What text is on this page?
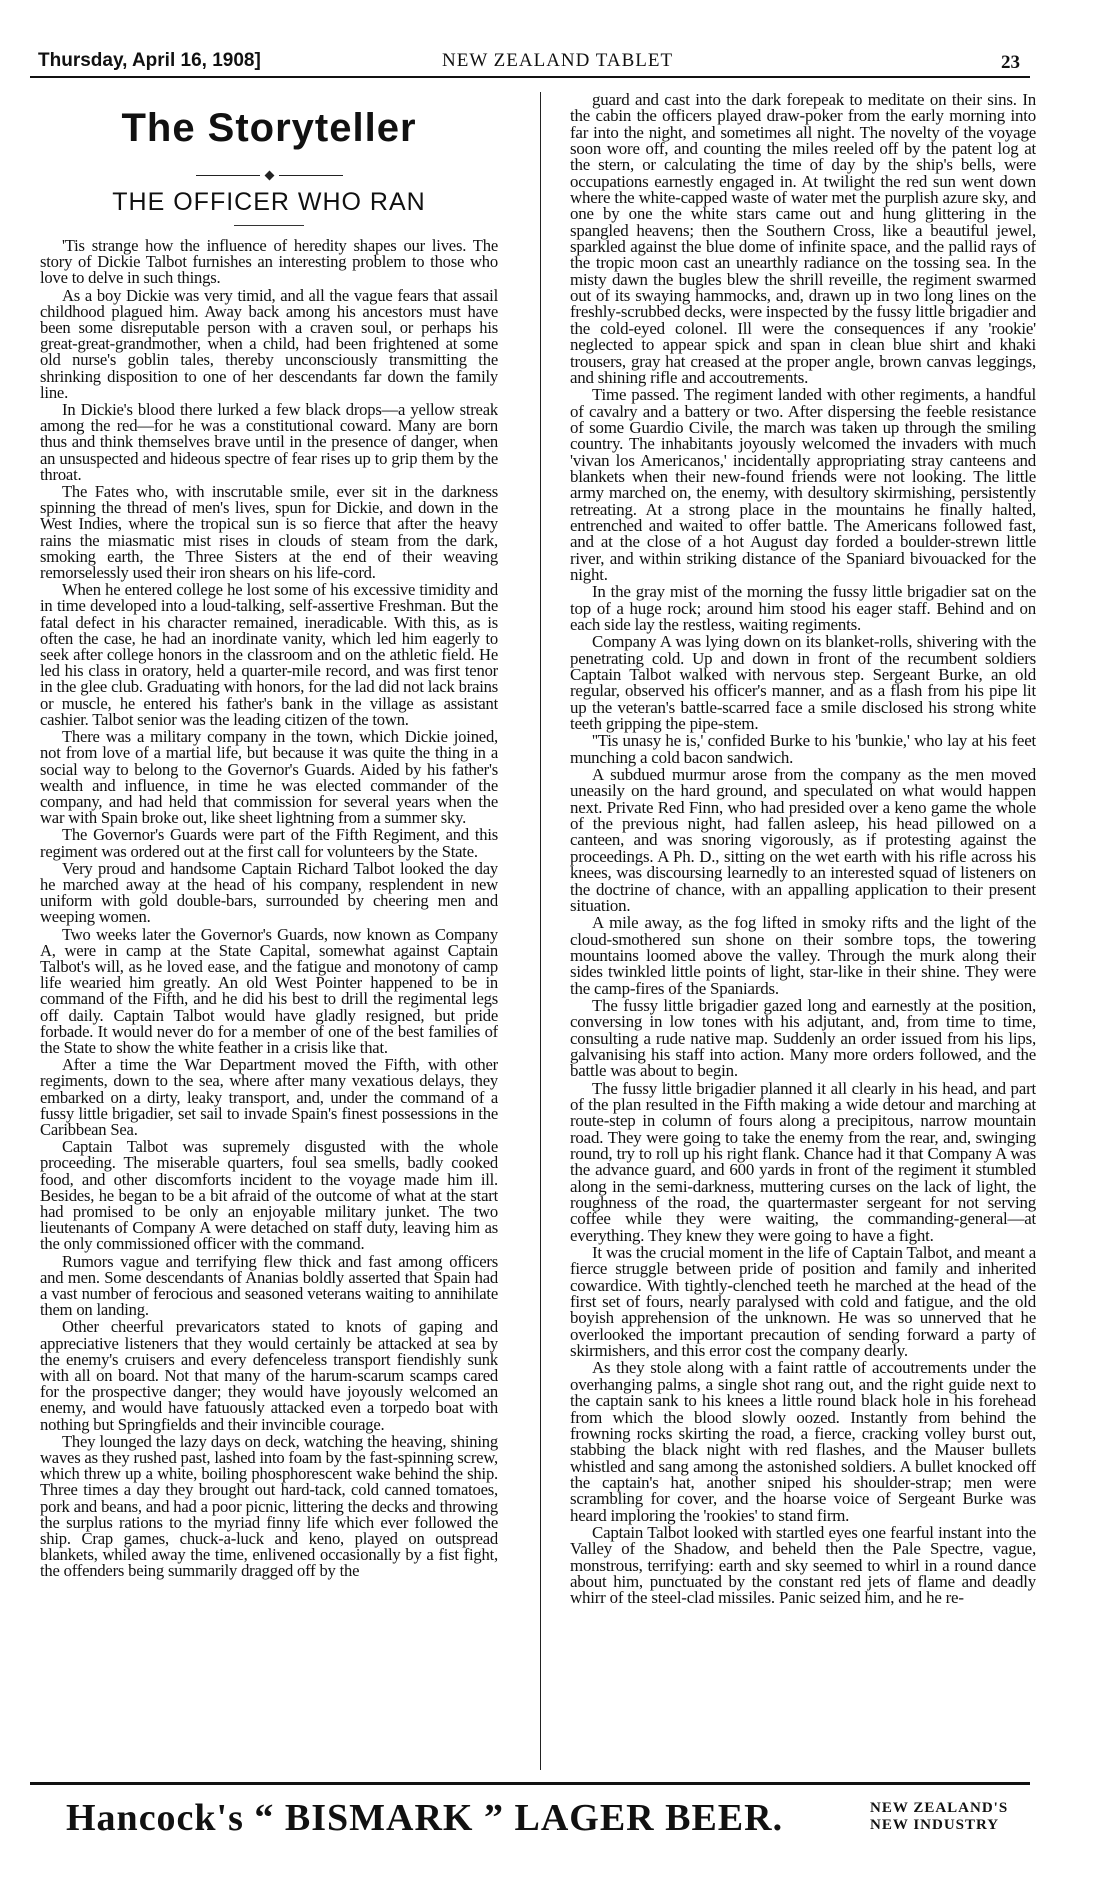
Thursday, April 16, 1908]	NEW ZEALAND TABLET	23
The Storyteller
THE OFFICER WHO RAN

'Tis strange how the influence of heredity shapes our lives. The story of Dickie Talbot furnishes an interesting problem to those who love to delve in such things.

As a boy Dickie was very timid, and all the vague fears that assail childhood plagued him. Away back among his ancestors must have been some disreputable person with a craven soul, or perhaps his great-great-grandmother, when a child, had been frightened at some old nurse's goblin tales, thereby unconsciously transmitting the shrinking disposition to one of her descendants far down the family line.

In Dickie's blood there lurked a few black drops—a yellow streak among the red—for he was a constitutional coward. Many are born thus and think themselves brave until in the presence of danger, when an unsuspected and hideous spectre of fear rises up to grip them by the throat.

The Fates who, with inscrutable smile, ever sit in the darkness spinning the thread of men's lives, spun for Dickie, and down in the West Indies, where the tropical sun is so fierce that after the heavy rains the miasmatic mist rises in clouds of steam from the dark, smoking earth, the Three Sisters at the end of their weaving remorselessly used their iron shears on his life-cord.

When he entered college he lost some of his excessive timidity and in time developed into a loud-talking, self-assertive Freshman. But the fatal defect in his character remained, ineradicable. With this, as is often the case, he had an inordinate vanity, which led him eagerly to seek after college honors in the classroom and on the athletic field. He led his class in oratory, held a quarter-mile record, and was first tenor in the glee club. Graduating with honors, for the lad did not lack brains or muscle, he entered his father's bank in the village as assistant cashier. Talbot senior was the leading citizen of the town.

There was a military company in the town, which Dickie joined, not from love of a martial life, but because it was quite the thing in a social way to belong to the Governor's Guards. Aided by his father's wealth and influence, in time he was elected commander of the company, and had held that commission for several years when the war with Spain broke out, like sheet lightning from a summer sky.

The Governor's Guards were part of the Fifth Regiment, and this regiment was ordered out at the first call for volunteers by the State.

Very proud and handsome Captain Richard Talbot looked the day he marched away at the head of his company, resplendent in new uniform with gold double-bars, surrounded by cheering men and weeping women.

Two weeks later the Governor's Guards, now known as Company A, were in camp at the State Capital, somewhat against Captain Talbot's will, as he loved ease, and the fatigue and monotony of camp life wearied him greatly. An old West Pointer happened to be in command of the Fifth, and he did his best to drill the regimental legs off daily. Captain Talbot would have gladly resigned, but pride forbade. It would never do for a member of one of the best families of the State to show the white feather in a crisis like that.

After a time the War Department moved the Fifth, with other regiments, down to the sea, where after many vexatious delays, they embarked on a dirty, leaky transport, and, under the command of a fussy little brigadier, set sail to invade Spain's finest possessions in the Caribbean Sea.

Captain Talbot was supremely disgusted with the whole proceeding. The miserable quarters, foul sea smells, badly cooked food, and other discomforts incident to the voyage made him ill. Besides, he began to be a bit afraid of the outcome of what at the start had promised to be only an enjoyable military junket. The two lieutenants of Company A were detached on staff duty, leaving him as the only commissioned officer with the command.

Rumors vague and terrifying flew thick and fast among officers and men. Some descendants of Ananias boldly asserted that Spain had a vast number of ferocious and seasoned veterans waiting to annihilate them on landing.

Other cheerful prevaricators stated to knots of gaping and appreciative listeners that they would certainly be attacked at sea by the enemy's cruisers and every defenceless transport fiendishly sunk with all on board. Not that many of the harum-scarum scamps cared for the prospective danger; they would have joyously welcomed an enemy, and would have fatuously attacked even a torpedo boat with nothing but Springfields and their invincible courage.

They lounged the lazy days on deck, watching the heaving, shining waves as they rushed past, lashed into foam by the fast-spinning screw, which threw up a white, boiling phosphorescent wake behind the ship. Three times a day they brought out hard-tack, cold canned tomatoes, pork and beans, and had a poor picnic, littering the decks and throwing the surplus rations to the myriad finny life which ever followed the ship. Crap games, chuck-a-luck and keno, played on outspread blankets, whiled away the time, enlivened occasionally by a fist fight, the offenders being summarily dragged off by the

guard and cast into the dark forepeak to meditate on their sins. In the cabin the officers played draw-poker from the early morning into far into the night, and sometimes all night. The novelty of the voyage soon wore off, and counting the miles reeled off by the patent log at the stern, or calculating the time of day by the ship's bells, were occupations earnestly engaged in. At twilight the red sun went down where the white-capped waste of water met the purplish azure sky, and one by one the white stars came out and hung glittering in the spangled heavens; then the Southern Cross, like a beautiful jewel, sparkled against the blue dome of infinite space, and the pallid rays of the tropic moon cast an unearthly radiance on the tossing sea. In the misty dawn the bugles blew the shrill reveille, the regiment swarmed out of its swaying hammocks, and, drawn up in two long lines on the freshly-scrubbed decks, were inspected by the fussy little brigadier and the cold-eyed colonel. Ill were the consequences if any 'rookie' neglected to appear spick and span in clean blue shirt and khaki trousers, gray hat creased at the proper angle, brown canvas leggings, and shining rifle and accoutrements.

Time passed. The regiment landed with other regiments, a handful of cavalry and a battery or two. After dispersing the feeble resistance of some Guardio Civile, the march was taken up through the smiling country. The inhabitants joyously welcomed the invaders with much 'vivan los Americanos,' incidentally appropriating stray canteens and blankets when their new-found friends were not looking. The little army marched on, the enemy, with desultory skirmishing, persistently retreating. At a strong place in the mountains he finally halted, entrenched and waited to offer battle. The Americans followed fast, and at the close of a hot August day forded a boulder-strewn little river, and within striking distance of the Spaniard bivouacked for the night.

In the gray mist of the morning the fussy little brigadier sat on the top of a huge rock; around him stood his eager staff. Behind and on each side lay the restless, waiting regiments.

Company A was lying down on its blanket-rolls, shivering with the penetrating cold. Up and down in front of the recumbent soldiers Captain Talbot walked with nervous step. Sergeant Burke, an old regular, observed his officer's manner, and as a flash from his pipe lit up the veteran's battle-scarred face a smile disclosed his strong white teeth gripping the pipe-stem.

''Tis unasy he is,' confided Burke to his 'bunkie,' who lay at his feet munching a cold bacon sandwich.

A subdued murmur arose from the company as the men moved uneasily on the hard ground, and speculated on what would happen next. Private Red Finn, who had presided over a keno game the whole of the previous night, had fallen asleep, his head pillowed on a canteen, and was snoring vigorously, as if protesting against the proceedings. A Ph. D., sitting on the wet earth with his rifle across his knees, was discoursing learnedly to an interested squad of listeners on the doctrine of chance, with an appalling application to their present situation.

A mile away, as the fog lifted in smoky rifts and the light of the cloud-smothered sun shone on their sombre tops, the towering mountains loomed above the valley. Through the murk along their sides twinkled little points of light, star-like in their shine. They were the camp-fires of the Spaniards.

The fussy little brigadier gazed long and earnestly at the position, conversing in low tones with his adjutant, and, from time to time, consulting a rude native map. Suddenly an order issued from his lips, galvanising his staff into action. Many more orders followed, and the battle was about to begin.

The fussy little brigadier planned it all clearly in his head, and part of the plan resulted in the Fifth making a wide detour and marching at route-step in column of fours along a precipitous, narrow mountain road. They were going to take the enemy from the rear, and, swinging round, try to roll up his right flank. Chance had it that Company A was the advance guard, and 600 yards in front of the regiment it stumbled along in the semi-darkness, muttering curses on the lack of light, the roughness of the road, the quartermaster sergeant for not serving coffee while they were waiting, the commanding-general—at everything. They knew they were going to have a fight.

It was the crucial moment in the life of Captain Talbot, and meant a fierce struggle between pride of position and family and inherited cowardice. With tightly-clenched teeth he marched at the head of the first set of fours, nearly paralysed with cold and fatigue, and the old boyish apprehension of the unknown. He was so unnerved that he overlooked the important precaution of sending forward a party of skirmishers, and this error cost the company dearly.

As they stole along with a faint rattle of accoutrements under the overhanging palms, a single shot rang out, and the right guide next to the captain sank to his knees a little round black hole in his forehead from which the blood slowly oozed. Instantly from behind the frowning rocks skirting the road, a fierce, cracking volley burst out, stabbing the black night with red flashes, and the Mauser bullets whistled and sang among the astonished soldiers. A bullet knocked off the captain's hat, another sniped his shoulder-strap; men were scrambling for cover, and the hoarse voice of Sergeant Burke was heard imploring the 'rookies' to stand firm.

Captain Talbot looked with startled eyes one fearful instant into the Valley of the Shadow, and beheld then the Pale Spectre, vague, monstrous, terrifying: earth and sky seemed to whirl in a round dance about him, punctuated by the constant red jets of flame and deadly whirr of the steel-clad missiles. Panic seized him, and he re-

Hancock's “ BISMARK ” LAGER BEER.	NEW ZEALAND'S
NEW INDUSTRY
